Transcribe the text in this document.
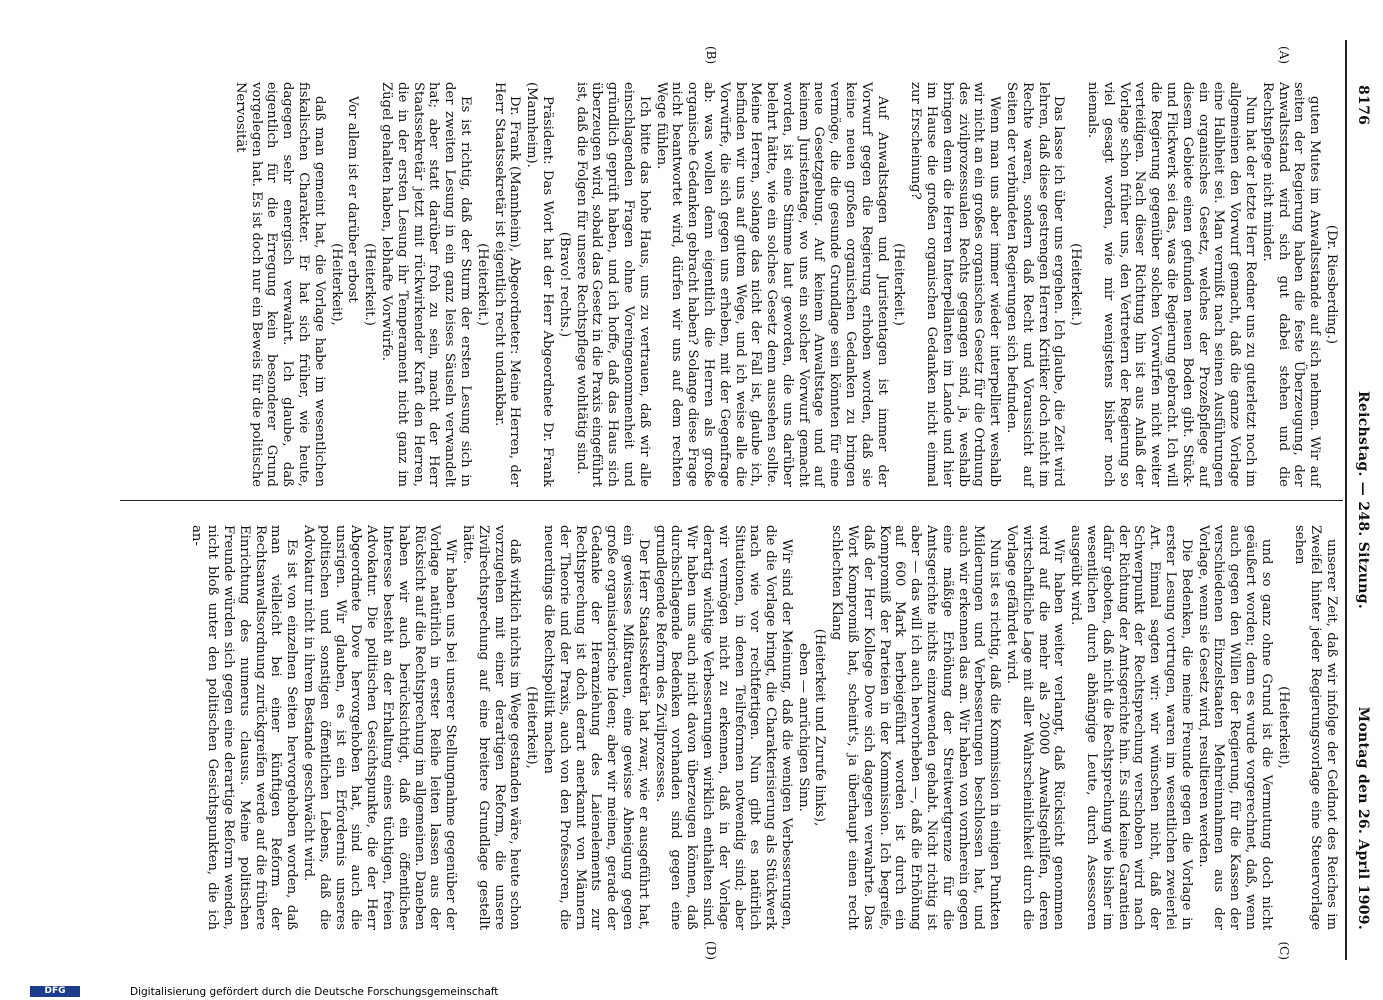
8176
Reichstag. — 248. Sitzung.
Montag den 26. April 1909.
(A)
(B)
(C)
(D)

(Dr. Riesberding.)

guten Mutes im Anwaltsstande auf sich nehmen. Wir auf seiten der Regierung haben die feste Überzeugung, der Anwaltsstand wird sich gut dabei stehen und die Rechtspflege nicht minder.

Nun hat der letzte Herr Redner uns zu guterletzt noch im allgemeinen den Vorwurf gemacht, daß die ganze Vorlage eine Halbheit sei. Man vermißt nach seinen Ausführungen ein organisches Gesetz, welches der Prozeßpflege auf diesem Gebiete einen gefunden neuen Boden gibt. Stück- und Flickwerk sei das, was die Regierung gebracht. Ich will die Regierung gegenüber solchen Vorwürfen nicht weiter verteidigen. Nach dieser Richtung hin ist aus Anlaß der Vorlage schon früher uns, den Vertretern der Regierung so viel gesagt worden, wie mir wenigstens bisher noch niemals.

(Heiterkeit.)

Das lasse ich über uns ergehen. Ich glaube, die Zeit wird lehren, daß diese gestrengen Herren Kritiker doch nicht im Rechte waren, sondern daß Recht und Voraussicht auf Seiten der verbündeten Regierungen sich befunden.

Wenn man uns aber immer wieder interpelliert weshalb wir nicht an ein großes organisches Gesetz für die Ordnung des zivilprozessualen Rechts gegangen sind, ja, weshalb bringen denn die Herren Interpellanten im Lande und hier im Hause die großen organischen Gedanken nicht einmal zur Erscheinung?

(Heiterkeit.)

Auf Anwaltstagen und Juristentagen ist immer der Vorwurf gegen die Regierung erhoben worden, daß sie keine neuen großen organischen Gedanken zu bringen vermöge, die die gesunde Grundlage sein könnten für eine neue Gesetzgebung. Auf keinem Anwaltstage und auf keinem Juristentage, wo uns ein solcher Vorwurf gemacht worden, ist eine Stimme laut geworden, die uns darüber belehrt hätte, wie ein solches Gesetz denn aussehen sollte. Meine Herren, solange das nicht der Fall ist, glaube ich, befinden wir uns auf gutem Wege, und ich weise alle die Vorwürfe, die sich gegen uns erheben, mit der Gegenfrage ab: was wollen denn eigentlich die Herren als große organische Gedanken gebracht haben? Solange diese Frage nicht beantwortet wird, dürfen wir uns auf dem rechten Wege fühlen.

Ich bitte das hohe Haus, uns zu vertrauen, daß wir alle einschlagenden Fragen ohne Voreingenommenheit und gründlich geprüft haben, und ich hoffe, daß das Haus sich überzeugen wird, sobald das Gesetz in die Praxis eingeführt ist, daß die Folgen für unsere Rechtspflege wohltätig sind.

(Bravo! rechts.)

Präsident: Das Wort hat der Herr Abgeordnete Dr. Frank (Mannheim).

Dr. Frank (Mannheim), Abgeordneter: Meine Herren, der Herr Staatssekretär ist eigentlich recht undankbar.

(Heiterkeit.)

Es ist richtig, daß der Sturm der ersten Lesung sich in der zweiten Lesung in ein ganz leises Säuseln verwandelt hat; aber statt darüber froh zu sein, macht der Herr Staatssekretär jetzt mit rückwirkender Kraft den Herren, die in der ersten Lesung ihr Temperament nicht ganz im Zügel gehalten haben, lebhafte Vorwürfe.

(Heiterkeit.)

Vor allem ist er darüber erbost

(Heiterkeit),

daß man gemeint hat, die Vorlage habe im wesentlichen fiskalischen Charakter. Er hat sich früher, wie heute, dagegen sehr energisch verwahrt. Ich glaube, daß eigentlich für die Erregung kein besonderer Grund vorgelegen hat. Es ist doch nur ein Beweis für die politische Nervosität

unserer Zeit, daß wir infolge der Geldnot des Reiches im Zweifel hinter jeder Regierungsvorlage eine Steuervorlage sehen

(Heiterkeit),

und so ganz ohne Grund ist die Vermutung doch nicht geäußert worden; denn es wurde vorgerechnet, daß, wenn auch gegen den Willen der Regierung, für die Kassen der verschiedenen Einzelstaaten Mehreinnahmen aus der Vorlage, wenn sie Gesetz wird, resultieren werden.

Die Bedenken, die meine Freunde gegen die Vorlage in erster Lesung vortrugen, waren im wesentlichen zweierlei Art. Einmal sagten wir: wir wünschen nicht, daß der Schwerpunkt der Rechtsprechung verschoben wird nach der Richtung der Amtsgerichte hin. Es sind keine Garantien dafür geboten, daß nicht die Rechtsprechung wie bisher im wesentlichen durch abhängige Leute, durch Assessoren ausgeübt wird.

Wir haben weiter verlangt, daß Rücksicht genommen wird auf die mehr als 20000 Anwaltsgehilfen, deren wirtschaftliche Lage mit aller Wahrscheinlichkeit durch die Vorlage gefährdet wird.

Nun ist es richtig, daß die Kommission in einigen Punkten Milderungen und Verbesserungen beschlossen hat, und auch wir erkennen das an. Wir haben von vornherein gegen eine mäßige Erhöhung der Streitwertgrenze für die Amtsgerichte nichts einzuwenden gehabt. Nicht richtig ist aber — das will ich auch hervorheben —, daß die Erhöhung auf 600 Mark herbeigeführt worden ist durch ein Kompromiß der Parteien in der Kommission. Ich begreife, daß der Herr Kollege Dove sich dagegen verwahrte. Das Wort Kompromiß hat, scheint's, ja überhaupt einen recht schlechten Klang

(Heiterkeit und Zurufe links),

eben — anrüchigen Sinn.

Wir sind der Meinung, daß die wenigen Verbesserungen, die die Vorlage bringt, die Charakterisierung als Stückwerk nach wie vor rechtfertigen. Nun gibt es natürlich Situationen, in denen Teilreformen notwendig sind; aber wir vermögen nicht zu erkennen, daß in der Vorlage derartig wichtige Verbesserungen wirklich enthalten sind. Wir haben uns auch nicht davon überzeugen können, daß durchschlagende Bedenken vorhanden sind gegen eine grundlegende Reform des Zivilprozesses.

Der Herr Staatssekretär hat zwar, wie er ausgeführt hat, ein gewisses Mißtrauen, eine gewisse Abneigung gegen große organisatorische Ideen; aber wir meinen, gerade der Gedanke der Heranziehung des Laienelements zur Rechtsprechung ist doch derart anerkannt von Männern der Theorie und der Praxis, auch von den Professoren, die neuerdings die Rechtspolitik machen

(Heiterkeit),

daß wirklich nichts im Wege gestanden wäre, heute schon vorzugehen mit einer derartigen Reform, die unsere Zivilrechtsprechung auf eine breitere Grundlage gestellt hätte.

Wir haben uns bei unserer Stellungnahme gegenüber der Vorlage natürlich in erster Reihe leiten lassen aus der Rücksicht auf die Rechtsprechung im allgemeinen. Daneben haben wir auch berücksichtigt, daß ein öffentliches Interesse besteht an der Erhaltung eines tüchtigen, freien Advokatur. Die politischen Gesichtspunkte, die der Herr Abgeordnete Dove hervorgehoben hat, sind auch die unsrigen. Wir glauben, es ist ein Erfordernis unseres politischen und sonstigen öffentlichen Lebens, daß die Advokatur nicht in ihrem Bestande geschwächt wird.

Es ist von einzelnen Seiten hervorgehoben worden, daß man vielleicht bei einer künftigen Reform der Rechtsanwaltsordnung zurückgreifen werde auf die frühere Einrichtung des numerus clausus. Meine politischen Freunde würden sich gegen eine derartige Reform wenden, nicht bloß unter den politischen Gesichtspunkten, die ich an-

DFG	Digitalisierung gefördert durch die Deutsche Forschungsgemeinschaft
